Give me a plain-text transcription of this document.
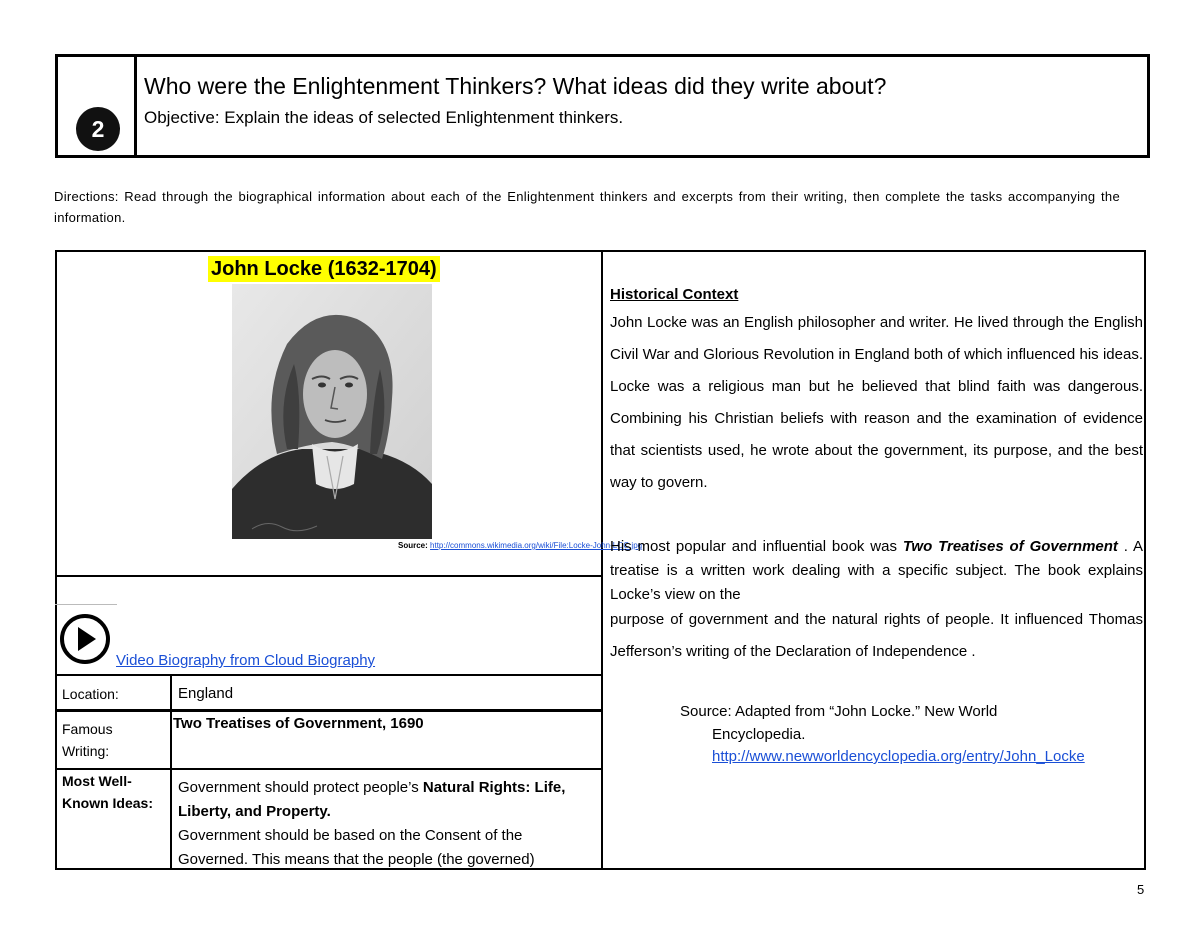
2
Who were the Enlightenment Thinkers? What ideas did they write about?
Objective: Explain the ideas of selected Enlightenment thinkers.
Directions: Read through the biographical information about each of the Enlightenment thinkers and excerpts from their writing, then complete the tasks accompanying the information.
John Locke (1632-1704)
Source: http://commons.wikimedia.org/wiki/File:Locke-John-LOC.jpg
Video Biography from Cloud Biography
Location:	England
Famous Writing:
Two Treatises of Government, 1690
Most Well-Known Ideas:
Government should protect people’s Natural Rights: Life, Liberty, and Property.
Government should be based on the Consent of the Governed. This means that the people (the governed)
Historical Context
John Locke was an English philosopher and writer. He lived through the English Civil War and Glorious Revolution in England both of which influenced his ideas. Locke was a religious man but he believed that blind faith was dangerous. Combining his Christian beliefs with reason and the examination of evidence that scientists used, he wrote about the government, its purpose, and the best way to govern.
His most popular and influential book was Two Treatises of Government . A treatise is a written work dealing with a specific subject. The book explains Locke’s view on the
purpose of government and the natural rights of people. It influenced Thomas Jefferson’s writing of the Declaration of Independence .
Source: Adapted from “John Locke.” New World
Encyclopedia.
http://www.newworldencyclopedia.org/entry/John_Locke
5
